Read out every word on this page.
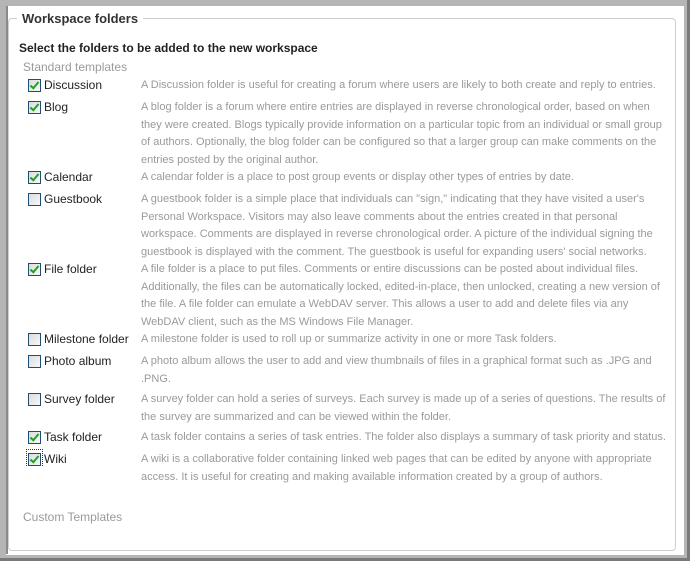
Workspace folders

Select the folders to be added to the new workspace

Standard templates
Discussion	A Discussion folder is useful for creating a forum where users are likely to both create and reply to entries.
Blog	A blog folder is a forum where entire entries are displayed in reverse chronological order, based on when they were created. Blogs typically provide information on a particular topic from an individual or small group of authors. Optionally, the blog folder can be configured so that a larger group can make comments on the entries posted by the original author.
Calendar	A calendar folder is a place to post group events or display other types of entries by date.
Guestbook	A guestbook folder is a simple place that individuals can "sign," indicating that they have visited a user's Personal Workspace. Visitors may also leave comments about the entries created in that personal workspace. Comments are displayed in reverse chronological order. A picture of the individual signing the guestbook is displayed with the comment. The guestbook is useful for expanding users' social networks.
File folder	A file folder is a place to put files. Comments or entire discussions can be posted about individual files. Additionally, the files can be automatically locked, edited-in-place, then unlocked, creating a new version of the file. A file folder can emulate a WebDAV server. This allows a user to add and delete files via any WebDAV client, such as the MS Windows File Manager.
Milestone folder	A milestone folder is used to roll up or summarize activity in one or more Task folders.
Photo album	A photo album allows the user to add and view thumbnails of files in a graphical format such as .JPG and .PNG.
Survey folder	A survey folder can hold a series of surveys. Each survey is made up of a series of questions. The results of the survey are summarized and can be viewed within the folder.
Task folder	A task folder contains a series of task entries. The folder also displays a summary of task priority and status.
Wiki	A wiki is a collaborative folder containing linked web pages that can be edited by anyone with appropriate access. It is useful for creating and making available information created by a group of authors.
Custom Templates
